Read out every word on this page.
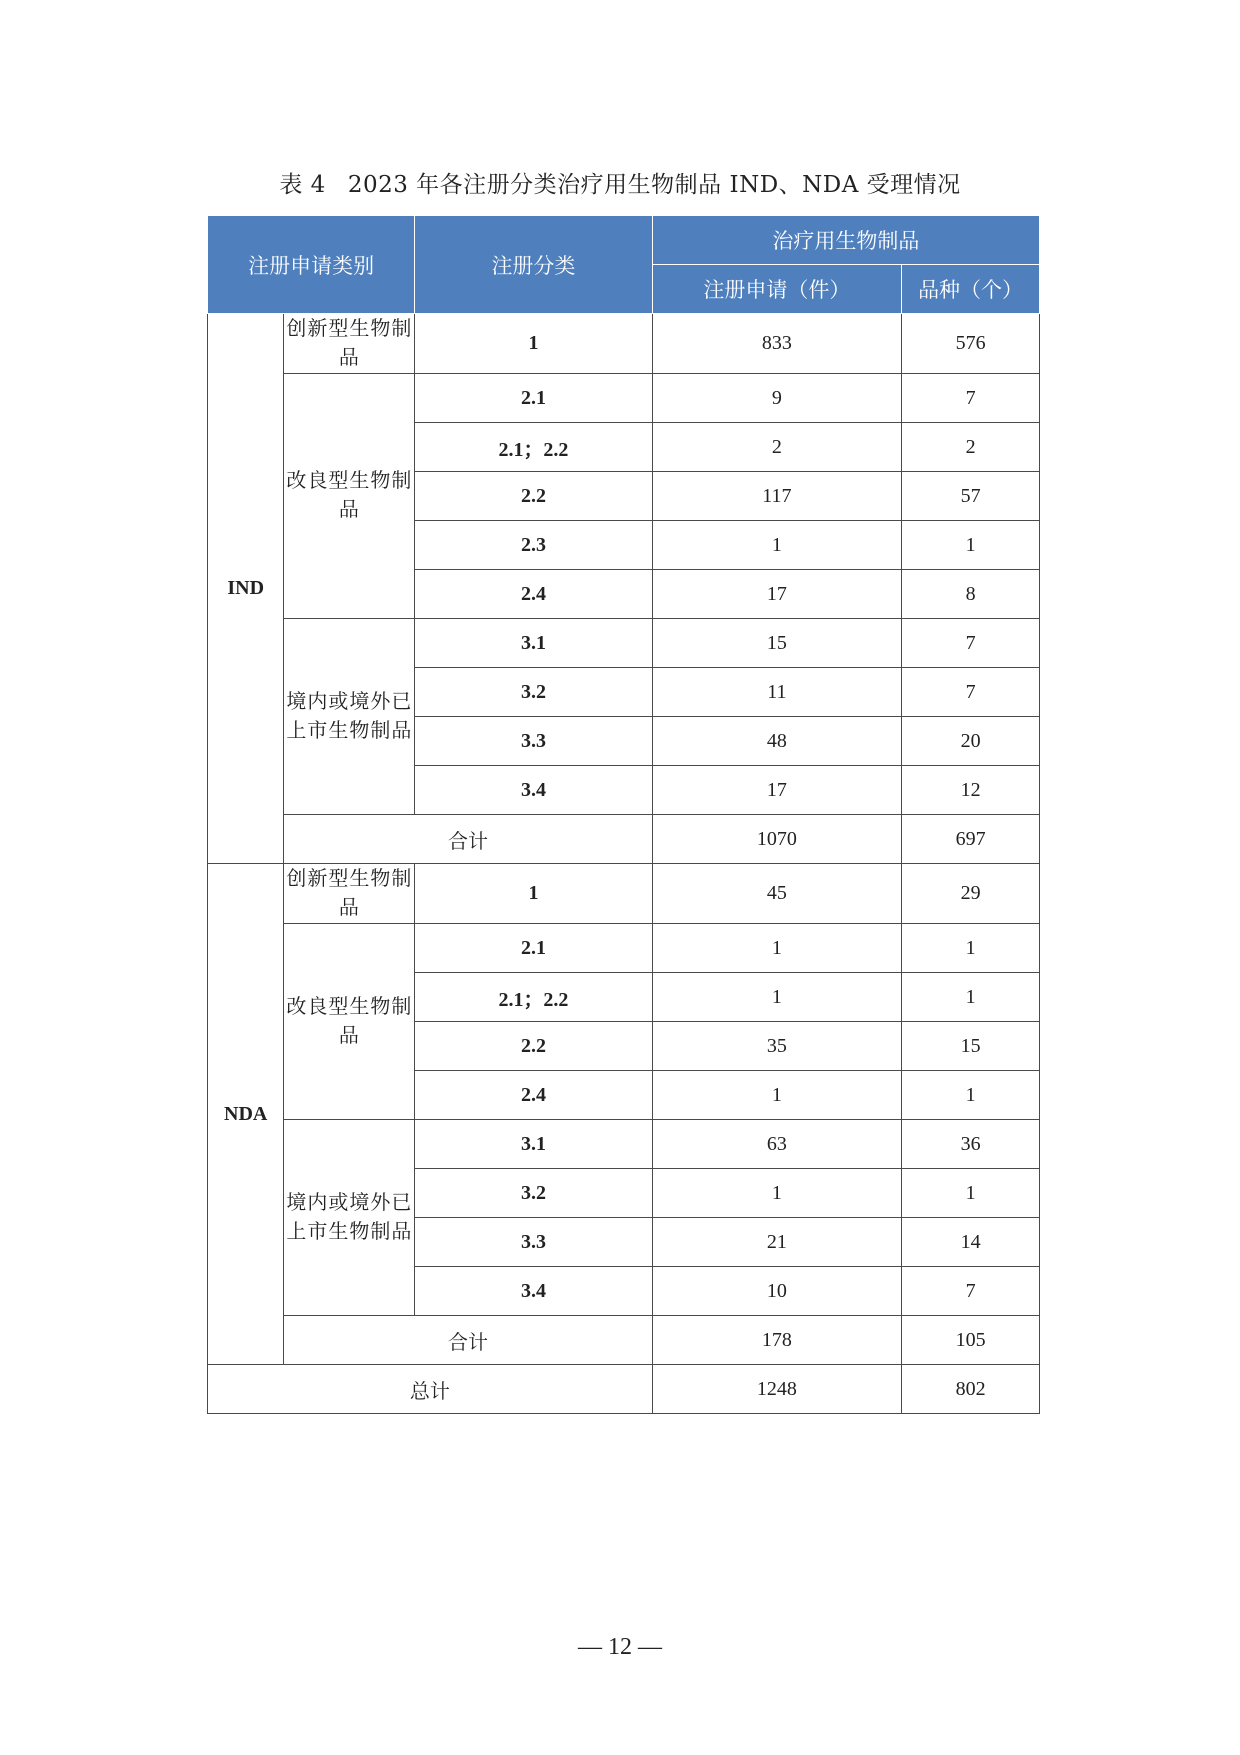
表 4 2023 年各注册分类治疗用生物制品 IND、NDA 受理情况
注册申请类别		注册分类	治疗用生物制品	
			注册申请（件）	品种（个）
IND	创新型生物制品	1	833	576
	改良型生物制品	2.1	9	7
		2.1；2.2	2	2
		2.2	117	57
		2.3	1	1
		2.4	17	8
	境内或境外已上市生物制品	3.1	15	7
		3.2	11	7
		3.3	48	20
		3.4	17	12
	合计		1070	697
NDA	创新型生物制品	1	45	29
	改良型生物制品	2.1	1	1
		2.1；2.2	1	1
		2.2	35	15
		2.4	1	1
	境内或境外已上市生物制品	3.1	63	36
		3.2	1	1
		3.3	21	14
		3.4	10	7
	合计		178	105
总计			1248	802
— 12 —
